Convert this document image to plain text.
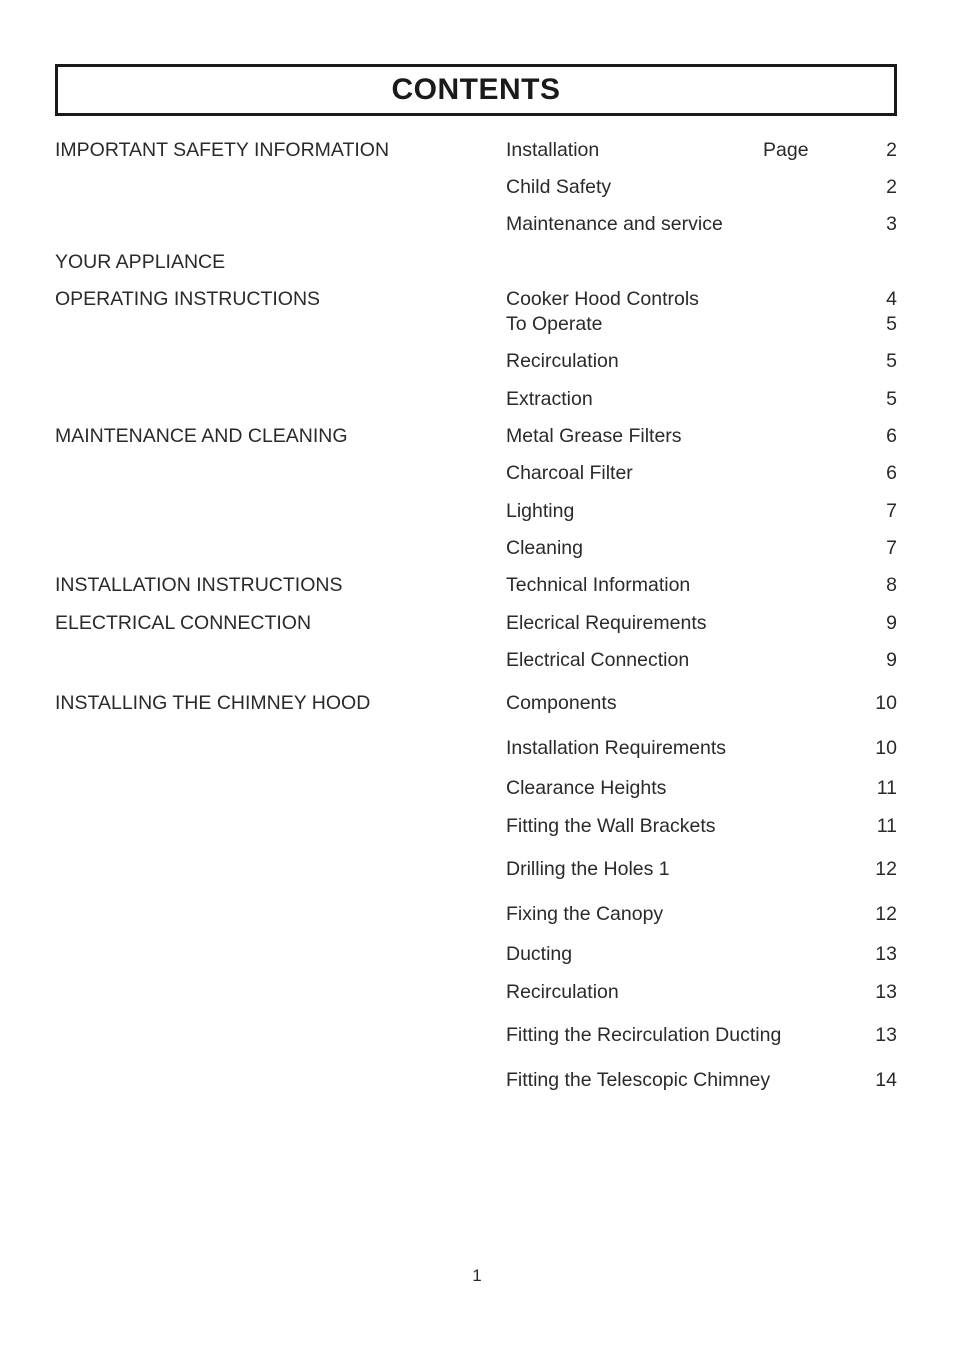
CONTENTS
IMPORTANT SAFETY INFORMATION	Installation	Page	2
Child Safety	2
Maintenance and service	3
YOUR APPLIANCE
OPERATING INSTRUCTIONS	Cooker Hood Controls	4
To Operate	5
Recirculation	5
Extraction	5
MAINTENANCE AND CLEANING	Metal Grease Filters	6
Charcoal Filter	6
Lighting	7
Cleaning	7
INSTALLATION INSTRUCTIONS	Technical Information	8
ELECTRICAL CONNECTION	Elecrical Requirements	9
Electrical Connection	9
INSTALLING THE CHIMNEY HOOD	Components	10
Installation Requirements	10
Clearance Heights	11
Fitting the Wall Brackets	11
Drilling the Holes 1	12
Fixing the Canopy	12
Ducting	13
Recirculation	13
Fitting the Recirculation Ducting	13
Fitting the Telescopic Chimney	14
1
